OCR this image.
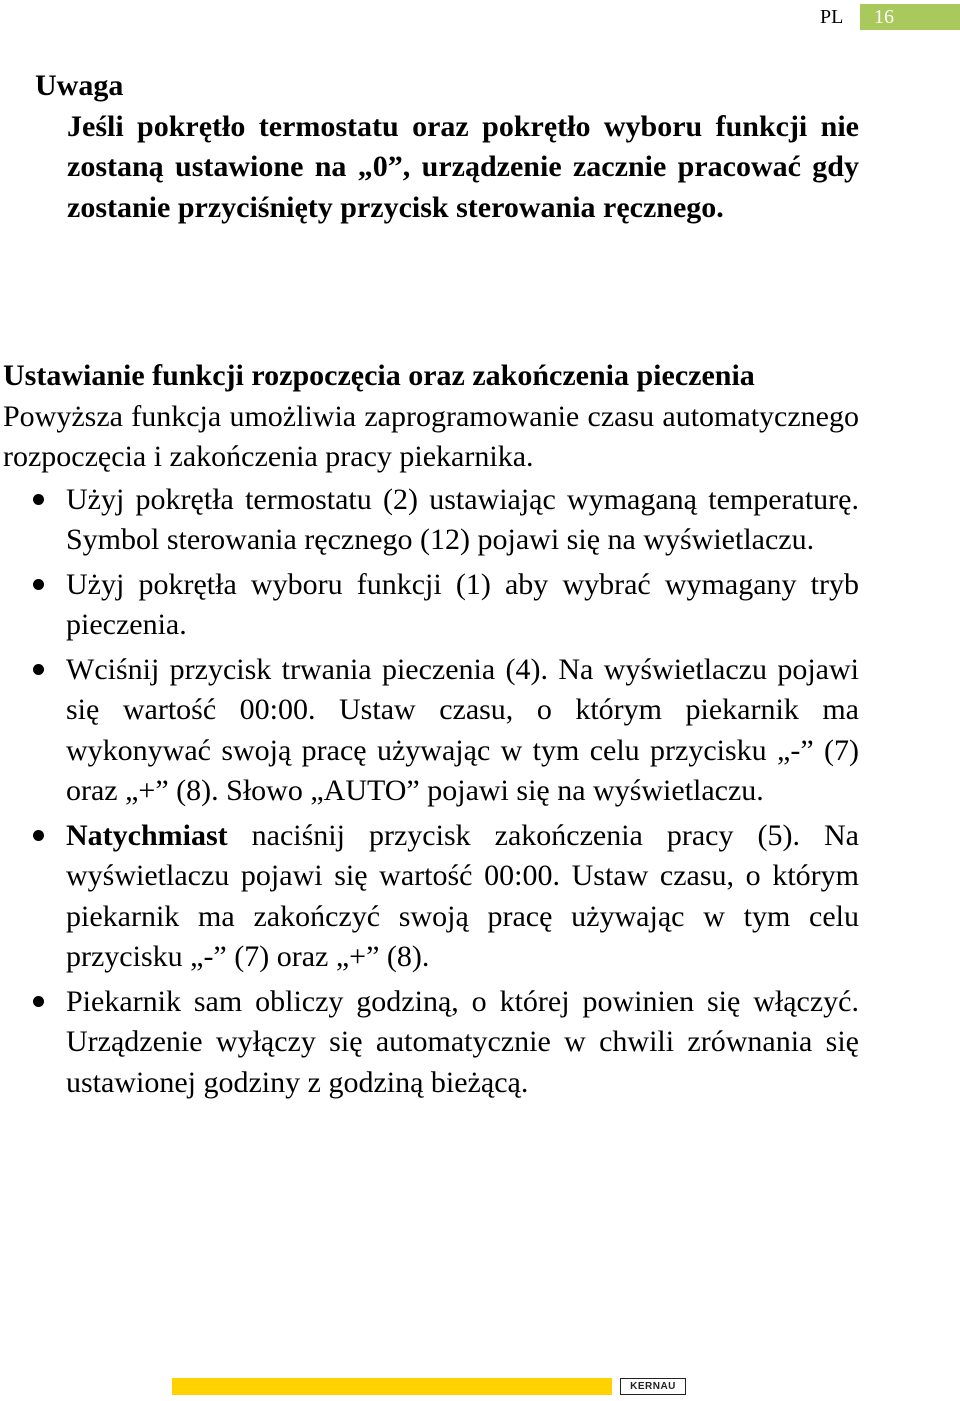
PL	16
Uwaga
Jeśli pokrętło termostatu oraz pokrętło wyboru funkcji nie zostaną ustawione na „0”, urządzenie zacznie pracować gdy zostanie przyciśnięty przycisk sterowania ręcznego.
Ustawianie funkcji rozpoczęcia oraz zakończenia pieczenia
Powyższa funkcja umożliwia zaprogramowanie czasu automatycznego rozpoczęcia i zakończenia pracy piekarnika.
Użyj pokrętła termostatu (2) ustawiając wymaganą temperaturę. Symbol sterowania ręcznego (12) pojawi się na wyświetlaczu.
Użyj pokrętła wyboru funkcji (1) aby wybrać wymagany tryb pieczenia.
Wciśnij przycisk trwania pieczenia (4). Na wyświetlaczu pojawi się wartość 00:00. Ustaw czasu, o którym piekarnik ma wykonywać swoją pracę używając w tym celu przycisku „-” (7) oraz „+” (8). Słowo „AUTO” pojawi się na wyświetlaczu.
Natychmiast naciśnij przycisk zakończenia pracy (5). Na wyświetlaczu pojawi się wartość 00:00. Ustaw czasu, o którym piekarnik ma zakończyć swoją pracę używając w tym celu przycisku „-” (7) oraz „+” (8).
Piekarnik sam obliczy godziną, o której powinien się włączyć. Urządzenie wyłączy się automatycznie w chwili zrównania się ustawionej godziny z godziną bieżącą.
KERNAU
